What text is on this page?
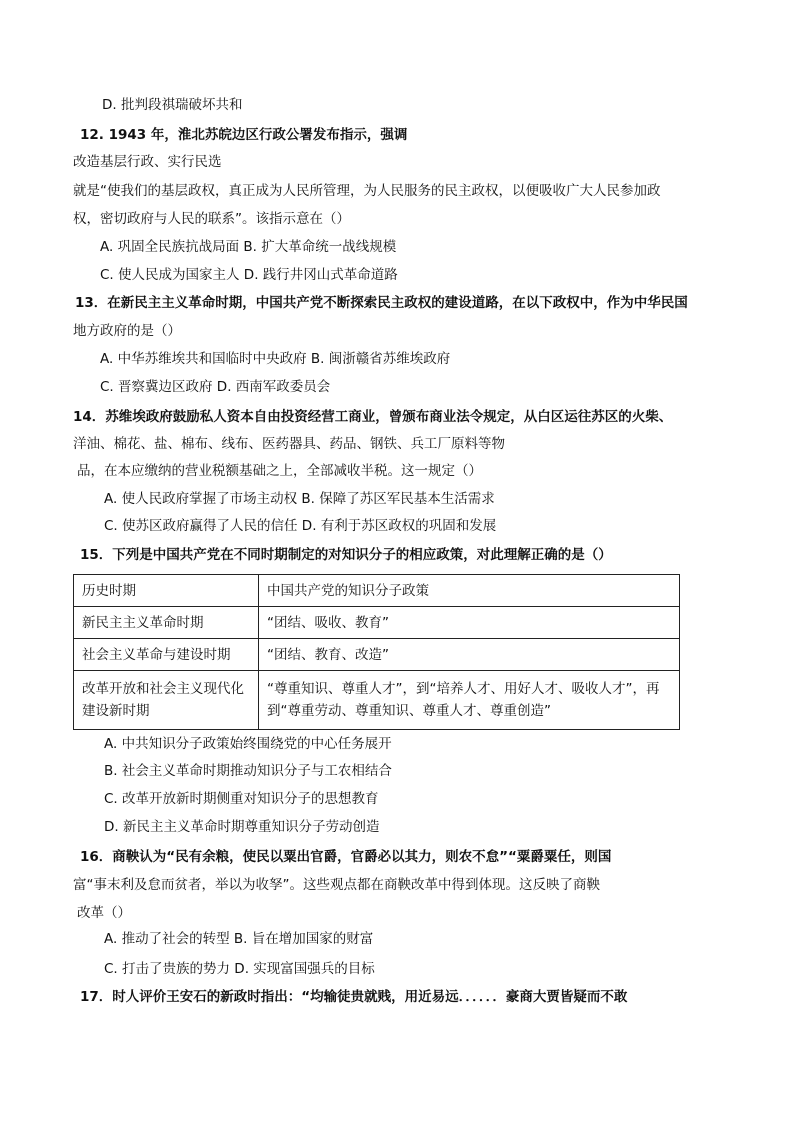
D. 批判段祺瑞破坏共和
12. 1943 年，淮北苏皖边区行政公署发布指示，强调
改造基层行政、实行民选
就是“使我们的基层政权，真正成为人民所管理，为人民服务的民主政权，以便吸收广大人民参加政
权，密切政府与人民的联系”。该指示意在（）
A. 巩固全民族抗战局面 B. 扩大革命统一战线规模
C. 使人民成为国家主人 D. 践行井冈山式革命道路
13．在新民主主义革命时期，中国共产党不断探索民主政权的建设道路，在以下政权中，作为中华民国
地方政府的是（）
A. 中华苏维埃共和国临时中央政府 B. 闽浙赣省苏维埃政府
C. 晋察冀边区政府 D. 西南军政委员会
14．苏维埃政府鼓励私人资本自由投资经营工商业，曾颁布商业法令规定，从白区运往苏区的火柴、
洋油、棉花、盐、棉布、线布、医药器具、药品、钢铁、兵工厂原料等物
品，在本应缴纳的营业税额基础之上，全部减收半税。这一规定（）
A. 使人民政府掌握了市场主动权 B. 保障了苏区军民基本生活需求
C. 使苏区政府赢得了人民的信任 D. 有利于苏区政权的巩固和发展
15．下列是中国共产党在不同时期制定的对知识分子的相应政策，对此理解正确的是（）
历史时期	中国共产党的知识分子政策
新民主主义革命时期	“团结、吸收、教育”
社会主义革命与建设时期	“团结、教育、改造”
改革开放和社会主义现代化建设新时期	“尊重知识、尊重人才”，到“培养人才、用好人才、吸收人才”，再到“尊重劳动、尊重知识、尊重人才、尊重创造”
A. 中共知识分子政策始终围绕党的中心任务展开
B. 社会主义革命时期推动知识分子与工农相结合
C. 改革开放新时期侧重对知识分子的思想教育
D. 新民主主义革命时期尊重知识分子劳动创造
16．商鞅认为“民有余粮，使民以粟出官爵，官爵必以其力，则农不怠”“粟爵粟任，则国
富“事末利及怠而贫者，举以为收孥”。这些观点都在商鞅改革中得到体现。这反映了商鞅
改革（）
A. 推动了社会的转型 B. 旨在增加国家的财富
C. 打击了贵族的势力 D. 实现富国强兵的目标
17．时人评价王安石的新政时指出：“均输徒贵就贱，用近易远．．．．．．豪商大贾皆疑而不敢
